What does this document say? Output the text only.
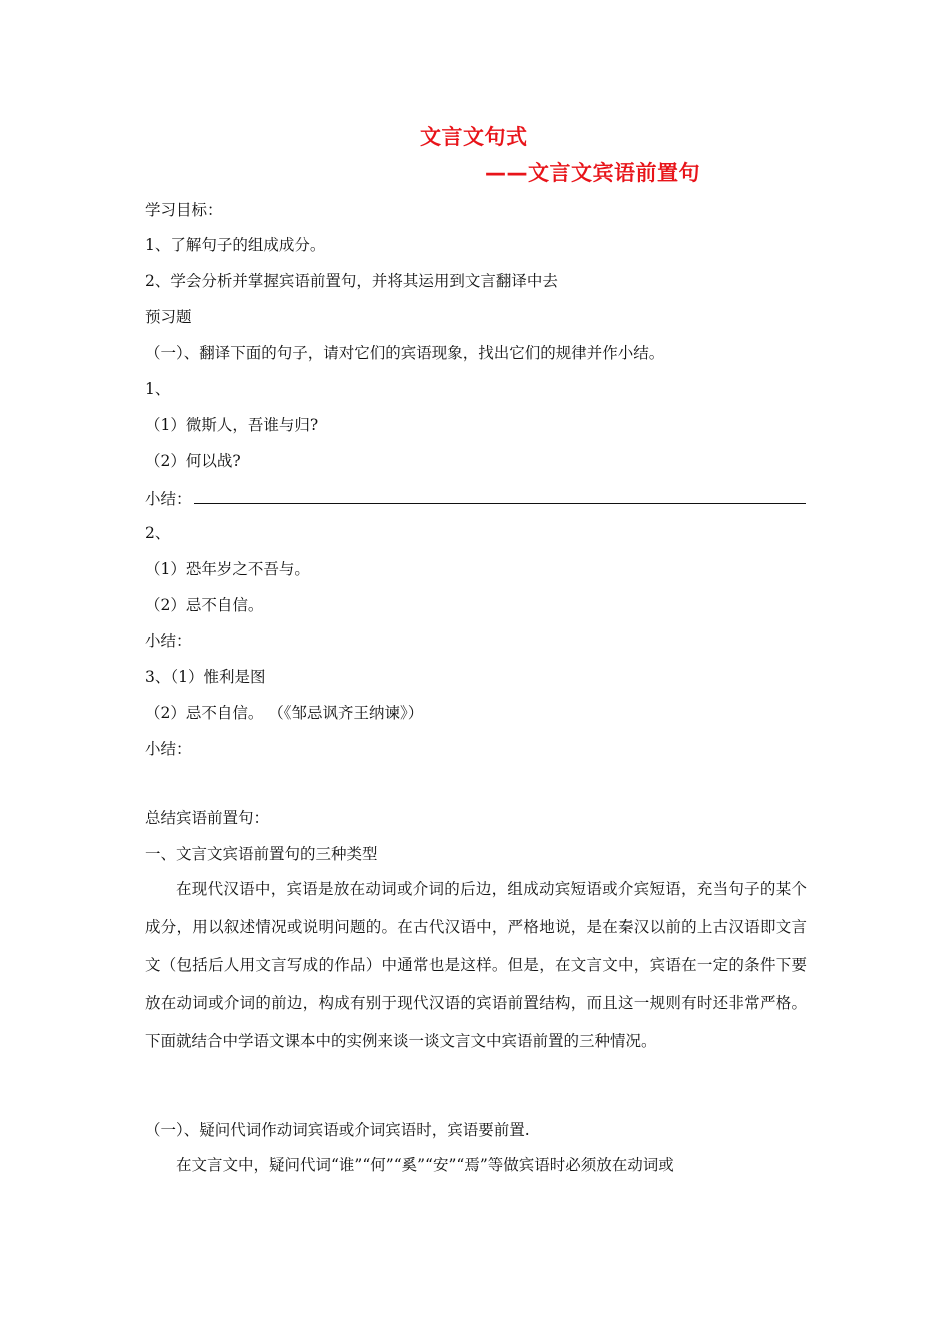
文言文句式
——文言文宾语前置句
学习目标：
1、了解句子的组成成分。
2、学会分析并掌握宾语前置句，并将其运用到文言翻译中去
预习题
（一）、翻译下面的句子，请对它们的宾语现象，找出它们的规律并作小结。
1、
（1）微斯人，吾谁与归?
（2）何以战?
小结：
2、
（1）恐年岁之不吾与。
（2）忌不自信。
小结：
3、（1）惟利是图
（2）忌不自信。 （《邹忌讽齐王纳谏》）
小结：
总结宾语前置句：
一、文言文宾语前置句的三种类型
在现代汉语中，宾语是放在动词或介词的后边，组成动宾短语或介宾短语，充当句子的某个成分，用以叙述情况或说明问题的。在古代汉语中，严格地说，是在秦汉以前的上古汉语即文言文（包括后人用文言写成的作品）中通常也是这样。但是，在文言文中，宾语在一定的条件下要放在动词或介词的前边，构成有别于现代汉语的宾语前置结构，而且这一规则有时还非常严格。下面就结合中学语文课本中的实例来谈一谈文言文中宾语前置的三种情况。
（一）、疑问代词作动词宾语或介词宾语时，宾语要前置.
在文言文中，疑问代词“谁”“何”“奚”“安”“焉”等做宾语时必须放在动词或
